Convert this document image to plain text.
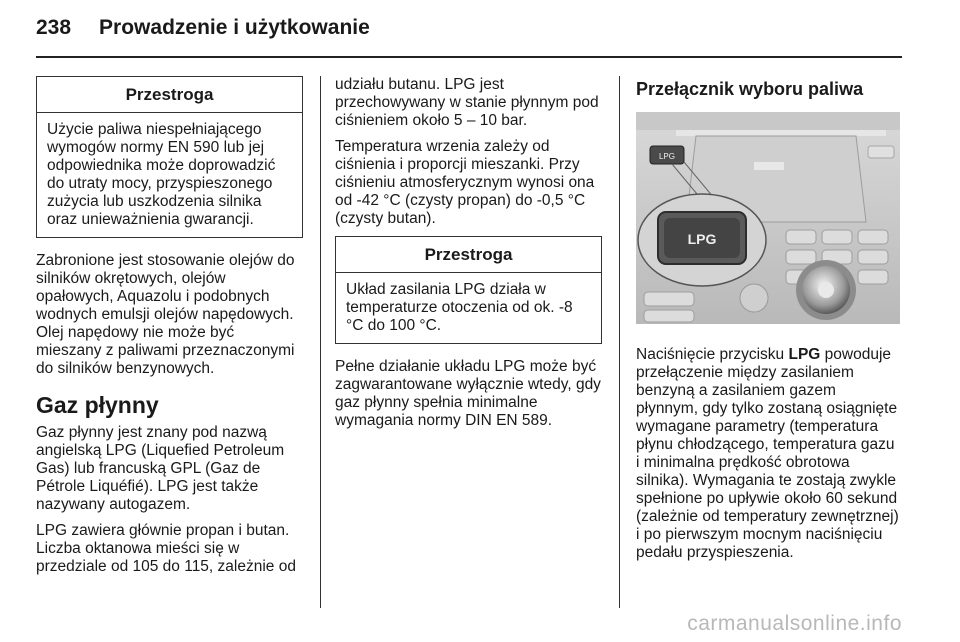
238 Prowadzenie i użytkowanie
Przestroga
Użycie paliwa niespełniającego wymogów normy EN 590 lub jej odpowiednika może doprowadzić do utraty mocy, przyspieszonego zużycia lub uszkodzenia silnika oraz unieważnienia gwarancji.

Zabronione jest stosowanie olejów do silników okrętowych, olejów opałowych, Aquazolu i podobnych wodnych emulsji olejów napędowych. Olej napędowy nie może być mieszany z paliwami przeznaczonymi do silników benzynowych.

Gaz płynny

Gaz płynny jest znany pod nazwą angielską LPG (Liquefied Petroleum Gas) lub francuską GPL (Gaz de Pétrole Liquéfié). LPG jest także nazywany autogazem.

LPG zawiera głównie propan i butan. Liczba oktanowa mieści się w przedziale od 105 do 115, zależnie od

udziału butanu. LPG jest przechowywany w stanie płynnym pod ciśnieniem około 5 – 10 bar.

Temperatura wrzenia zależy od ciśnienia i proporcji mieszanki. Przy ciśnieniu atmosferycznym wynosi ona od -42 °C (czysty propan) do -0,5 °C (czysty butan).

Przestroga
Układ zasilania LPG działa w temperaturze otoczenia od ok. -8 °C do 100 °C.

Pełne działanie układu LPG może być zagwarantowane wyłącznie wtedy, gdy gaz płynny spełnia minimalne wymagania normy DIN EN 589.

Przełącznik wyboru paliwa
LPG
LPG

Naciśnięcie przycisku LPG powoduje przełączenie między zasilaniem benzyną a zasilaniem gazem płynnym, gdy tylko zostaną osiągnięte wymagane parametry (temperatura płynu chłodzącego, temperatura gazu i minimalna prędkość obrotowa silnika). Wymagania te zostają zwykle spełnione po upływie około 60 sekund (zależnie od temperatury zewnętrznej) i po pierwszym mocnym naciśnięciu pedału przyspieszenia.

carmanualsonline.info
